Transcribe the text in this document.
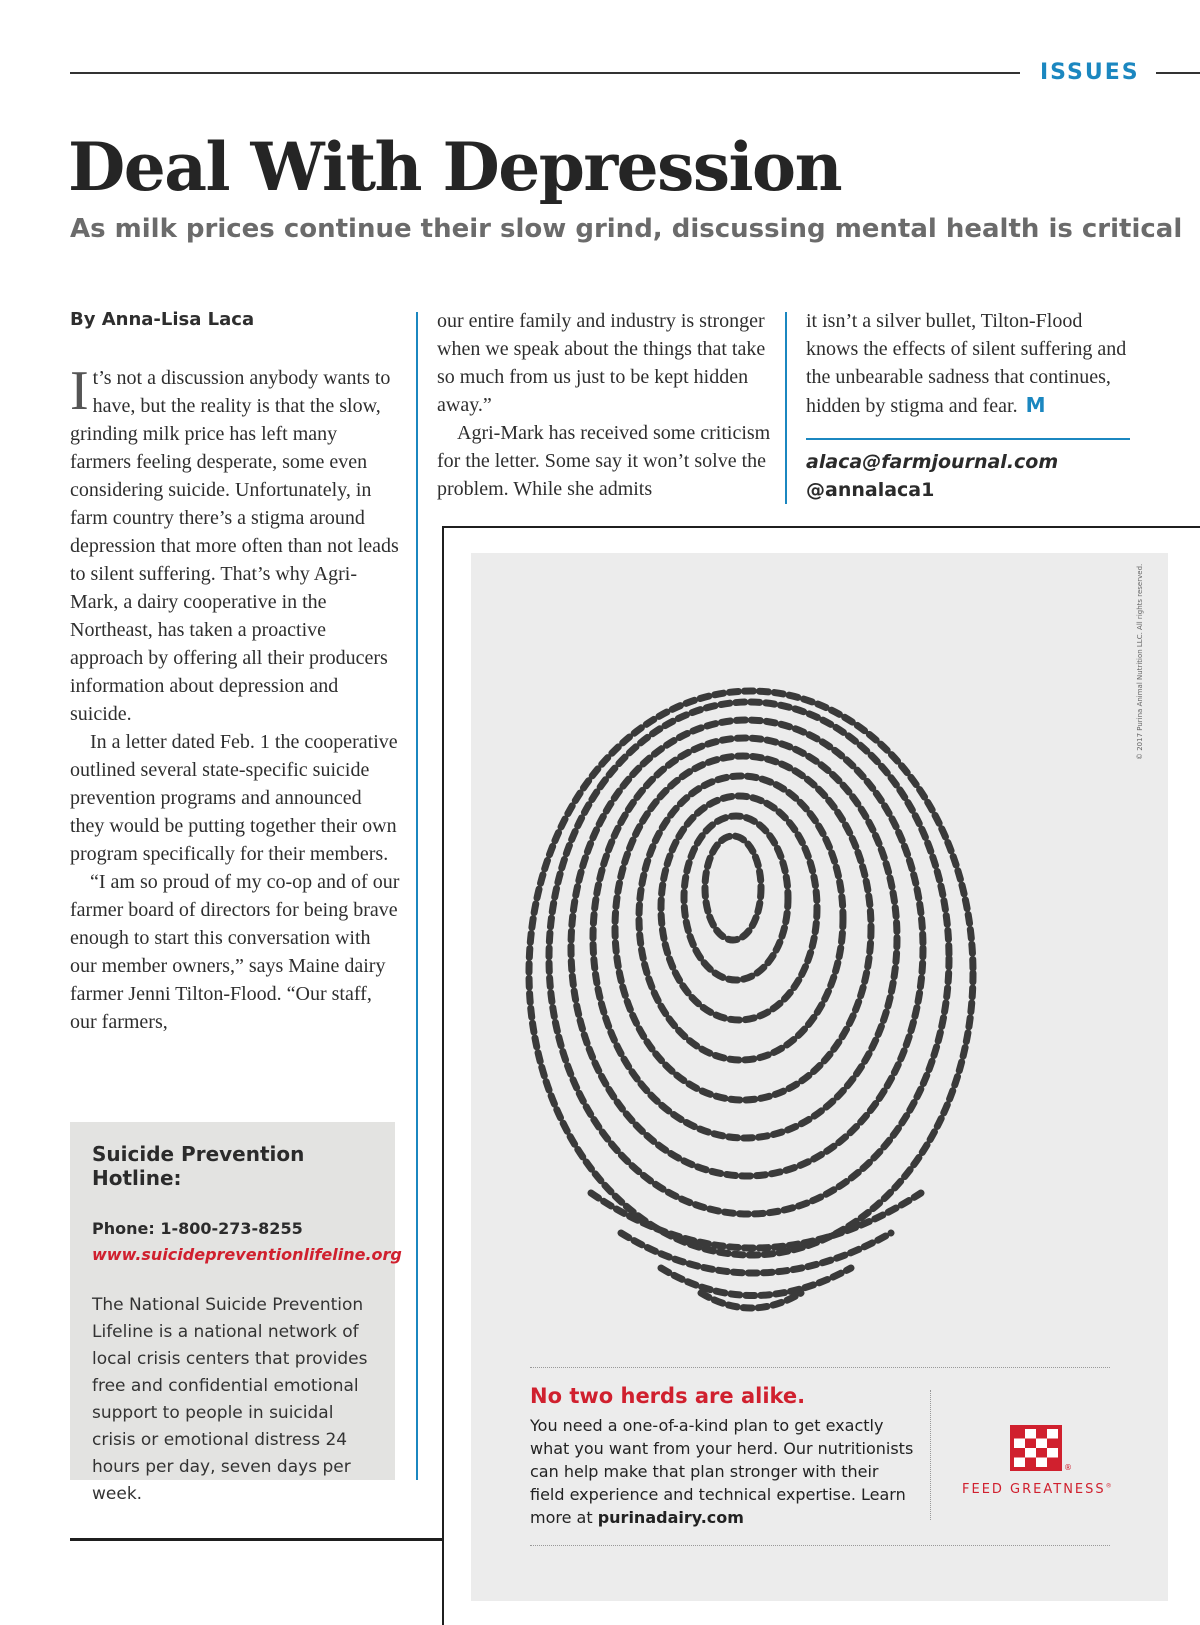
ISSUES
Deal With Depression
As milk prices continue their slow grind, discussing mental health is critical
By Anna-Lisa Laca

It’s not a discussion anybody wants to have, but the reality is that the slow, grinding milk price has left many farmers feeling desperate, some even considering suicide. Unfortunately, in farm country there’s a stigma around depression that more often than not leads to silent suffering. That’s why Agri-Mark, a dairy cooperative in the Northeast, has taken a proactive approach by offering all their producers information about depression and suicide.

In a letter dated Feb. 1 the cooperative outlined several state-specific suicide prevention programs and announced they would be putting together their own program specifically for their members.

“I am so proud of my co-op and of our farmer board of directors for being brave enough to start this conversation with our member owners,” says Maine dairy farmer Jenni Tilton-Flood. “Our staff, our farmers,

our entire family and industry is stronger when we speak about the things that take so much from us just to be kept hidden away.”

Agri-Mark has received some criticism for the letter. Some say it won’t solve the problem. While she admits

it isn’t a silver bullet, Tilton-Flood knows the effects of silent suffering and the unbearable sadness that continues, hidden by stigma and fear. M

alaca@farmjournal.com
@annalaca1
Suicide Prevention Hotline:
Phone: 1-800-273-8255
www.suicidepreventionlifeline.org
The National Suicide Prevention Lifeline is a national network of local crisis centers that provides free and confidential emotional support to people in suicidal crisis or emotional distress 24 hours per day, seven days per week.
© 2017 Purina Animal Nutrition LLC. All rights reserved.
No two herds are alike.
You need a one-of-a-kind plan to get exactly what you want from your herd. Our nutritionists can help make that plan stronger with their field experience and technical expertise. Learn more at purinadairy.com
®
FEED GREATNESS®
